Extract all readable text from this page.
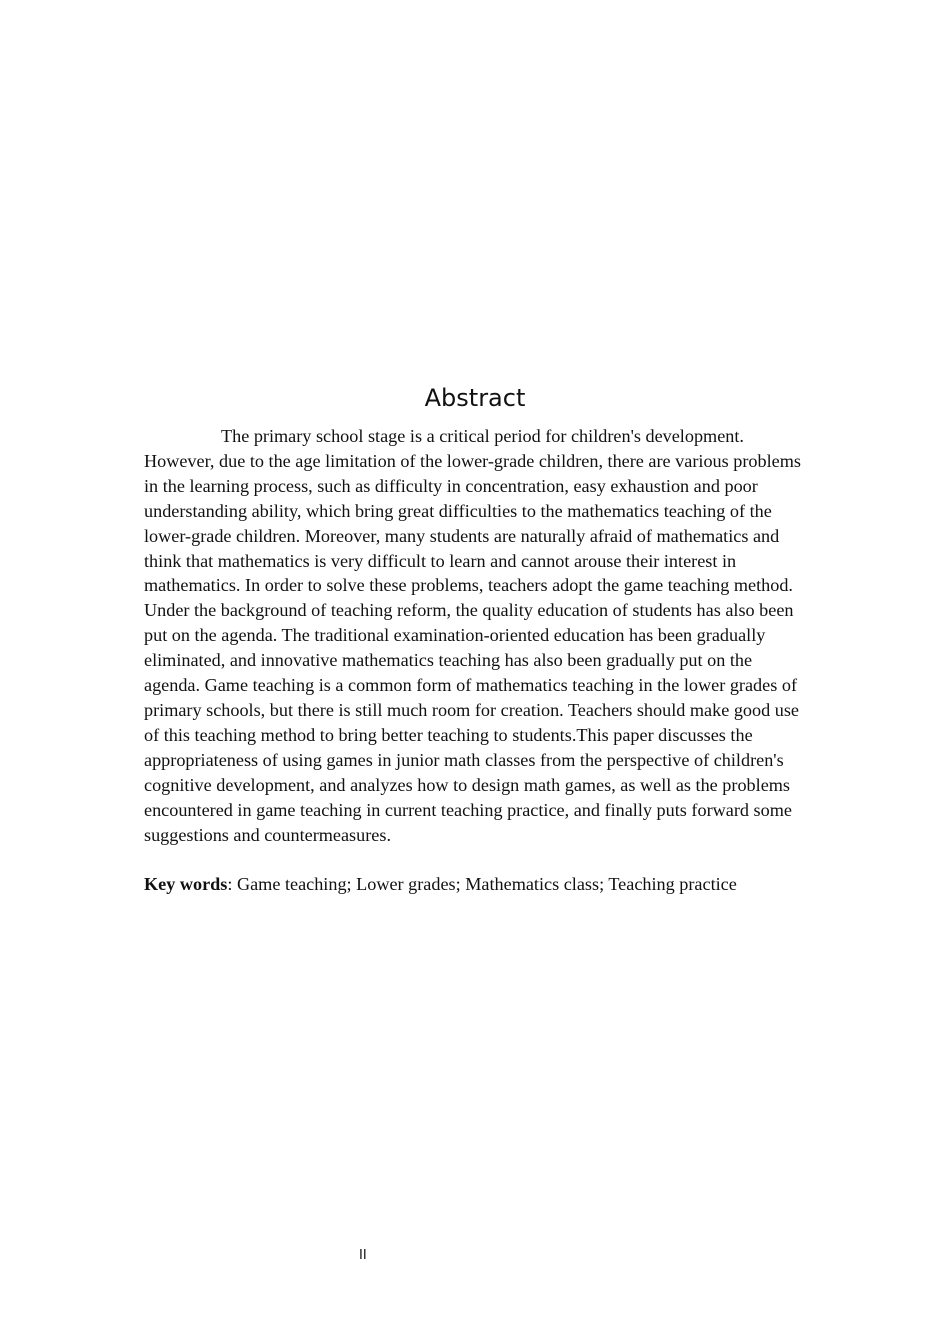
Abstract

The primary school stage is a critical period for children's development. However, due to the age limitation of the lower-grade children, there are various problems in the learning process, such as difficulty in concentration, easy exhaustion and poor understanding ability, which bring great difficulties to the mathematics teaching of the lower-grade children. Moreover, many students are naturally afraid of mathematics and think that mathematics is very difficult to learn and cannot arouse their interest in mathematics. In order to solve these problems, teachers adopt the game teaching method. Under the background of teaching reform, the quality education of students has also been put on the agenda. The traditional examination-oriented education has been gradually eliminated, and innovative mathematics teaching has also been gradually put on the agenda. Game teaching is a common form of mathematics teaching in the lower grades of primary schools, but there is still much room for creation. Teachers should make good use of this teaching method to bring better teaching to students.This paper discusses the appropriateness of using games in junior math classes from the perspective of children's cognitive development, and analyzes how to design math games, as well as the problems encountered in game teaching in current teaching practice, and finally puts forward some suggestions and countermeasures.

Key words: Game teaching; Lower grades; Mathematics class; Teaching practice

II
